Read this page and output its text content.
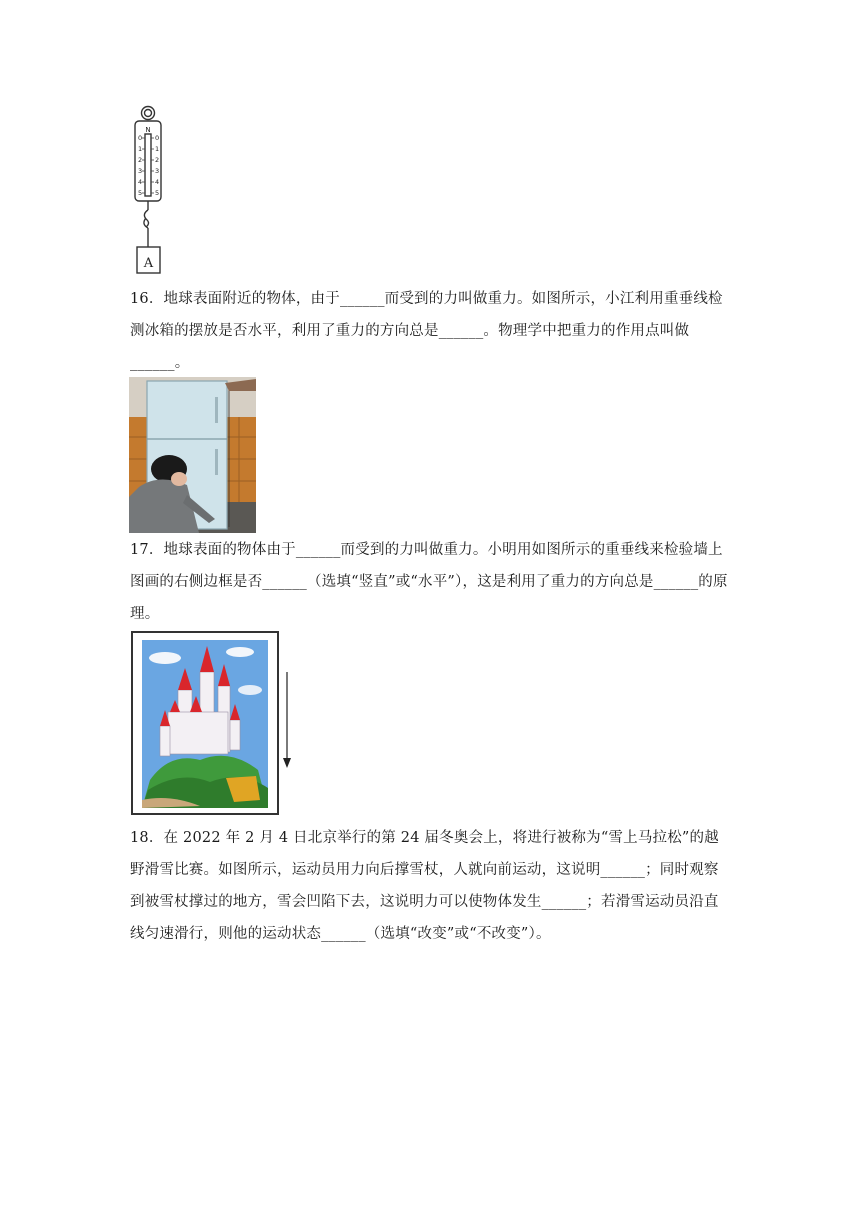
N
0
1
2
3
4
5
0
1
2
3
4
5
A

16．地球表面附近的物体，由于______而受到的力叫做重力。如图所示，小江利用重垂线检测冰箱的摆放是否水平，利用了重力的方向总是______。物理学中把重力的作用点叫做______。

17．地球表面的物体由于______而受到的力叫做重力。小明用如图所示的重垂线来检验墙上图画的右侧边框是否______（选填“竖直”或“水平”），这是利用了重力的方向总是______的原理。

18．在 2022 年 2 月 4 日北京举行的第 24 届冬奥会上，将进行被称为“雪上马拉松”的越野滑雪比赛。如图所示，运动员用力向后撑雪杖，人就向前运动，这说明______；同时观察到被雪杖撑过的地方，雪会凹陷下去，这说明力可以使物体发生______；若滑雪运动员沿直线匀速滑行，则他的运动状态______（选填“改变”或“不改变”）。
